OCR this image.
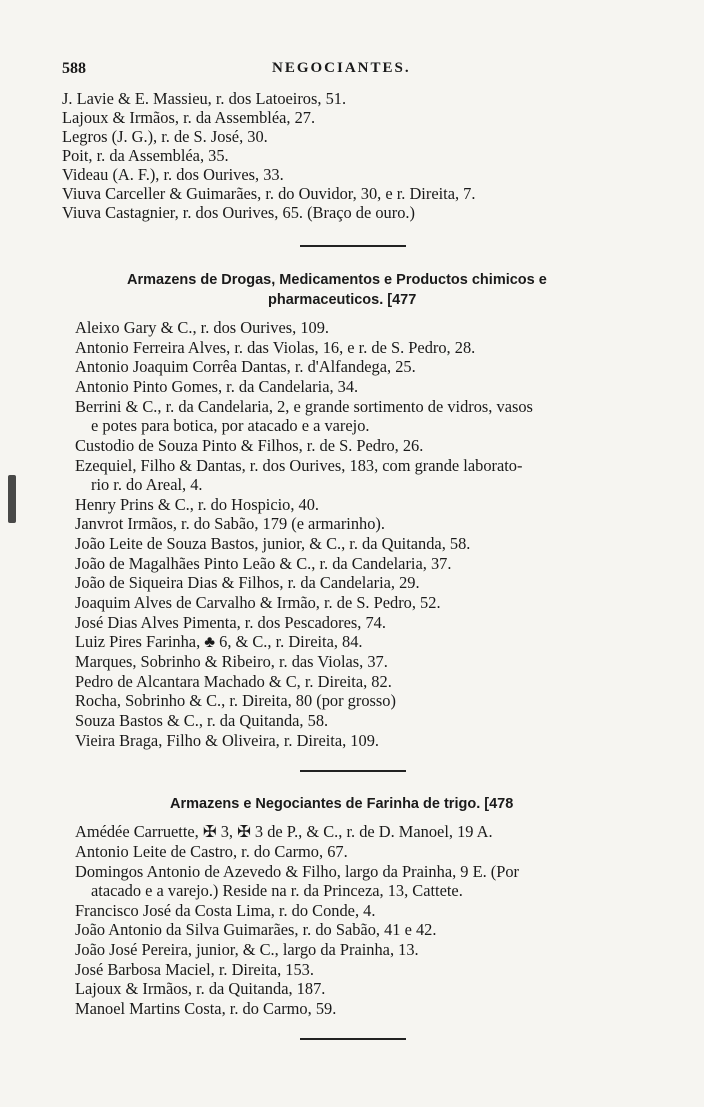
588	NEGOCIANTES.
J. Lavie & E. Massieu, r. dos Latoeiros, 51.
Lajoux & Irmãos, r. da Assembléa, 27.
Legros (J. G.), r. de S. José, 30.
Poit, r. da Assembléa, 35.
Videau (A. F.), r. dos Ourives, 33.
Viuva Carceller & Guimarães, r. do Ouvidor, 30, e r. Direita, 7.
Viuva Castagnier, r. dos Ourives, 65. (Braço de ouro.)
Armazens de Drogas, Medicamentos e Productos chimicos e
pharmaceuticos. [477
Aleixo Gary & C., r. dos Ourives, 109.
Antonio Ferreira Alves, r. das Violas, 16, e r. de S. Pedro, 28.
Antonio Joaquim Corrêa Dantas, r. d'Alfandega, 25.
Antonio Pinto Gomes, r. da Candelaria, 34.
Berrini & C., r. da Candelaria, 2, e grande sortimento de vidros, vasos
e potes para botica, por atacado e a varejo.
Custodio de Souza Pinto & Filhos, r. de S. Pedro, 26.
Ezequiel, Filho & Dantas, r. dos Ourives, 183, com grande laborato-
rio r. do Areal, 4.
Henry Prins & C., r. do Hospicio, 40.
Janvrot Irmãos, r. do Sabão, 179 (e armarinho).
João Leite de Souza Bastos, junior, & C., r. da Quitanda, 58.
João de Magalhães Pinto Leão & C., r. da Candelaria, 37.
João de Siqueira Dias & Filhos, r. da Candelaria, 29.
Joaquim Alves de Carvalho & Irmão, r. de S. Pedro, 52.
José Dias Alves Pimenta, r. dos Pescadores, 74.
Luiz Pires Farinha, ♣ 6, & C., r. Direita, 84.
Marques, Sobrinho & Ribeiro, r. das Violas, 37.
Pedro de Alcantara Machado & C, r. Direita, 82.
Rocha, Sobrinho & C., r. Direita, 80 (por grosso)
Souza Bastos & C., r. da Quitanda, 58.
Vieira Braga, Filho & Oliveira, r. Direita, 109.
Armazens e Negociantes de Farinha de trigo. [478
Amédée Carruette, ✠ 3, ✠ 3 de P., & C., r. de D. Manoel, 19 A.
Antonio Leite de Castro, r. do Carmo, 67.
Domingos Antonio de Azevedo & Filho, largo da Prainha, 9 E. (Por
atacado e a varejo.) Reside na r. da Princeza, 13, Cattete.
Francisco José da Costa Lima, r. do Conde, 4.
João Antonio da Silva Guimarães, r. do Sabão, 41 e 42.
João José Pereira, junior, & C., largo da Prainha, 13.
José Barbosa Maciel, r. Direita, 153.
Lajoux & Irmãos, r. da Quitanda, 187.
Manoel Martins Costa, r. do Carmo, 59.
